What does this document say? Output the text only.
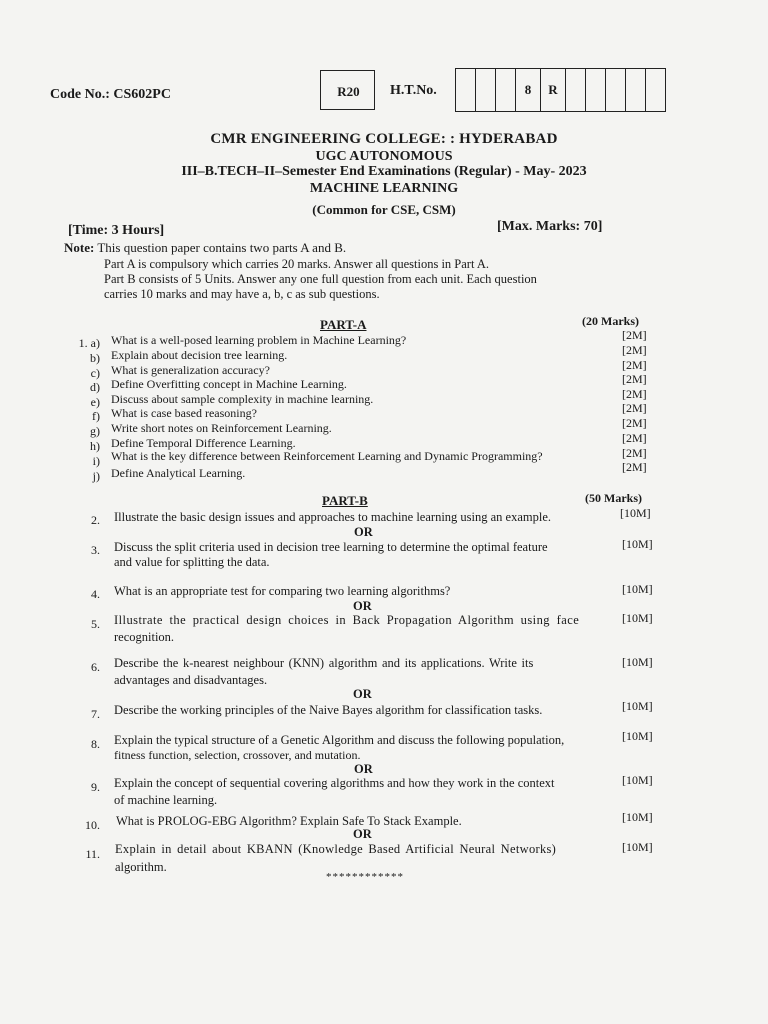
Code No.: CS602PC	R20	H.T.No.	8	R
CMR ENGINEERING COLLEGE: : HYDERABAD
UGC AUTONOMOUS
III–B.TECH–II–Semester End Examinations (Regular) - May- 2023
MACHINE LEARNING
(Common for CSE, CSM)
[Time: 3 Hours]	[Max. Marks: 70]
Note: This question paper contains two parts A and B.
Part A is compulsory which carries 20 marks. Answer all questions in Part A.
Part B consists of 5 Units. Answer any one full question from each unit. Each question
carries 10 marks and may have a, b, c as sub questions.
PART-A	(20 Marks)
1. a) What is a well-posed learning problem in Machine Learning?	[2M]
b) Explain about decision tree learning.	[2M]
c) What is generalization accuracy?	[2M]
d) Define Overfitting concept in Machine Learning.	[2M]
e) Discuss about sample complexity in machine learning.	[2M]
f) What is case based reasoning?	[2M]
g) Write short notes on Reinforcement Learning.	[2M]
h) Define Temporal Difference Learning.	[2M]
i) What is the key difference between Reinforcement Learning and Dynamic Programming?	[2M]
j) Define Analytical Learning.	[2M]
PART-B	(50 Marks)
2. Illustrate the basic design issues and approaches to machine learning using an example.	[10M]
OR
3. Discuss the split criteria used in decision tree learning to determine the optimal feature
and value for splitting the data.
[10M]
4. What is an appropriate test for comparing two learning algorithms?	[10M]
OR
5. Illustrate the practical design choices in Back Propagation Algorithm using face
recognition.
[10M]
6. Describe the k-nearest neighbour (KNN) algorithm and its applications. Write its
advantages and disadvantages.
[10M]
OR
7. Describe the working principles of the Naive Bayes algorithm for classification tasks.	[10M]
8. Explain the typical structure of a Genetic Algorithm and discuss the following population,
fitness function, selection, crossover, and mutation.
[10M]
OR
9. Explain the concept of sequential covering algorithms and how they work in the context
of machine learning.
[10M]
10. What is PROLOG-EBG Algorithm? Explain Safe To Stack Example.	[10M]
OR
11. Explain in detail about KBANN (Knowledge Based Artificial Neural Networks)
algorithm.
[10M]
************
